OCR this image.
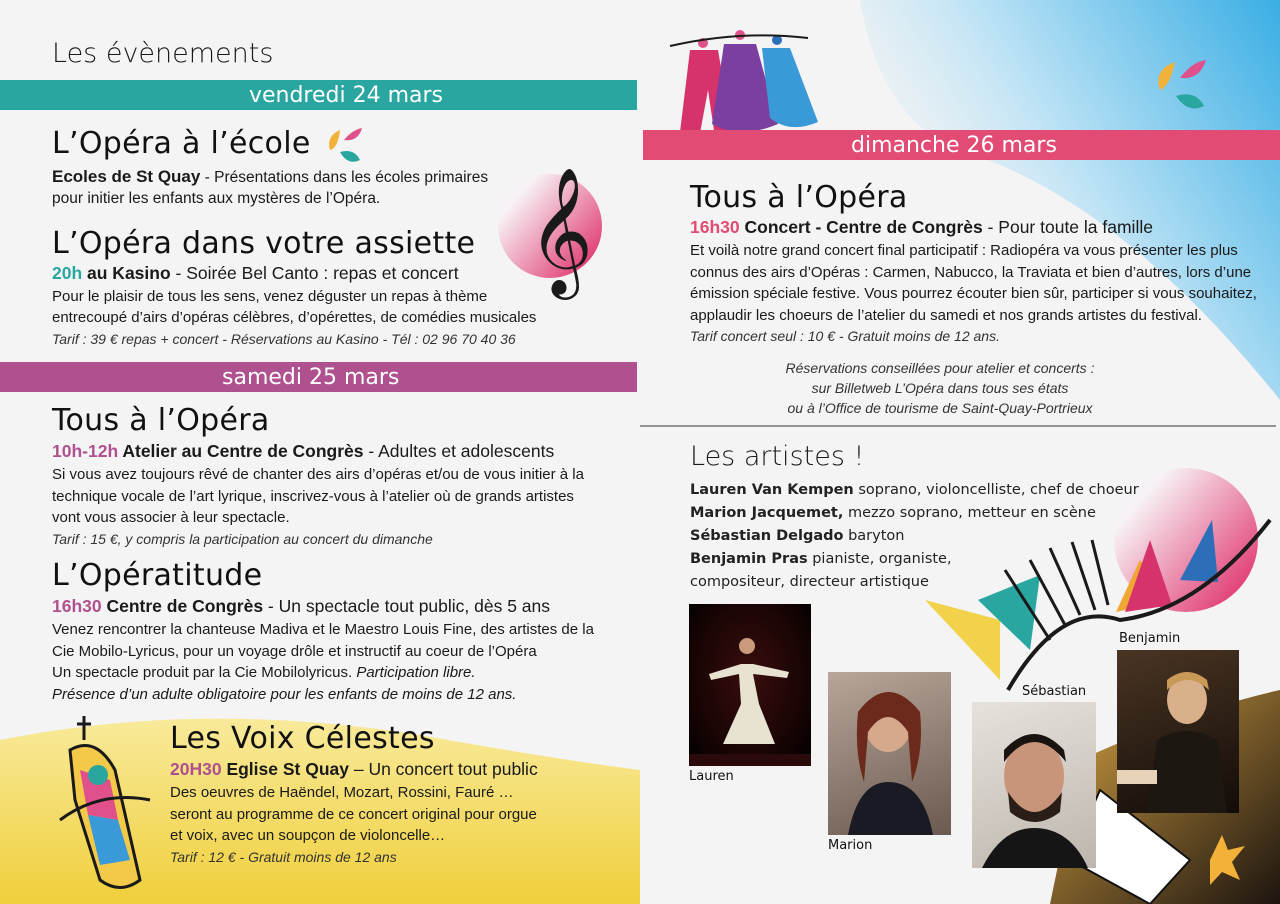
𝄞
Les évènements
vendredi 24 mars
L’Opéra à l’école
Ecoles de St Quay - Présentations dans les écoles primaires
pour initier les enfants aux mystères de l’Opéra.
L’Opéra dans votre assiette
20h au Kasino - Soirée Bel Canto : repas et concert
Pour le plaisir de tous les sens, venez déguster un repas à thème
entrecoupé d’airs d’opéras célèbres, d’opérettes, de comédies musicales
Tarif : 39 € repas + concert - Réservations au Kasino - Tél : 02 96 70 40 36
samedi 25 mars
Tous à l’Opéra
10h-12h Atelier au Centre de Congrès - Adultes et adolescents
Si vous avez toujours rêvé de chanter des airs d’opéras et/ou de vous initier à la
technique vocale de l’art lyrique, inscrivez-vous à l’atelier où de grands artistes
vont vous associer à leur spectacle.
Tarif : 15 €, y compris la participation au concert du dimanche
L’Opératitude
16h30 Centre de Congrès - Un spectacle tout public, dès 5 ans
Venez rencontrer la chanteuse Madiva et le Maestro Louis Fine, des artistes de la
Cie Mobilo-Lyricus, pour un voyage drôle et instructif au coeur de l’Opéra
Un spectacle produit par la Cie Mobilolyricus. Participation libre.
Présence d’un adulte obligatoire pour les enfants de moins de 12 ans.
Les Voix Célestes
20H30 Eglise St Quay – Un concert tout public
Des oeuvres de Haëndel, Mozart, Rossini, Fauré …
seront au programme de ce concert original pour orgue
et voix, avec un soupçon de violoncelle…
Tarif : 12 € - Gratuit moins de 12 ans
dimanche 26 mars
Tous à l’Opéra
16h30 Concert - Centre de Congrès - Pour toute la famille
Et voilà notre grand concert final participatif : Radiopéra va vous présenter les plus
connus des airs d’Opéras : Carmen, Nabucco, la Traviata et bien d’autres, lors d’une
émission spéciale festive. Vous pourrez écouter bien sûr, participer si vous souhaitez,
applaudir les choeurs de l’atelier du samedi et nos grands artistes du festival.
Tarif concert seul : 10 € - Gratuit moins de 12 ans.
Réservations conseillées pour atelier et concerts :
sur Billetweb L’Opéra dans tous ses états
ou à l’Office de tourisme de Saint-Quay-Portrieux
Les artistes !
Lauren Van Kempen soprano, violoncelliste, chef de choeur
Marion Jacquemet, mezzo soprano, metteur en scène
Sébastian Delgado baryton
Benjamin Pras pianiste, organiste,
compositeur, directeur artistique
Lauren
Marion
Sébastian
Benjamin
